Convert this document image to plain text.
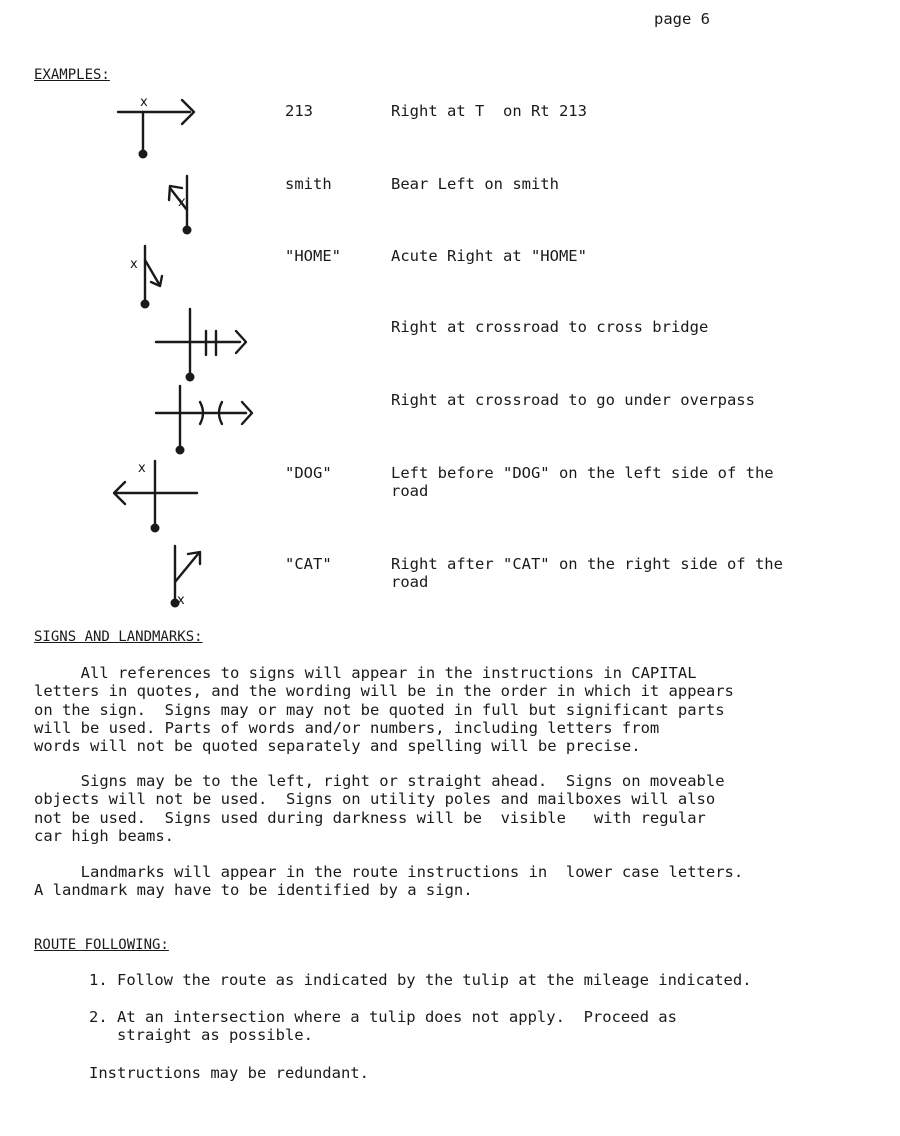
page 6
EXAMPLES:
x	213	Right at T  on Rt 213
x
smith	Bear Left on smith
x	"HOME"	Acute Right at "HOME"
Right at crossroad to cross bridge
Right at crossroad to go under overpass
x	"DOG"	Left before "DOG" on the left side of the
road
x
"CAT"	Right after "CAT" on the right side of the
road
SIGNS AND LANDMARKS:
All references to signs will appear in the instructions in CAPITAL
letters in quotes, and the wording will be in the order in which it appears
on the sign.  Signs may or may not be quoted in full but significant parts
will be used. Parts of words and/or numbers, including letters from
words will not be quoted separately and spelling will be precise.
Signs may be to the left, right or straight ahead.  Signs on moveable
objects will not be used.  Signs on utility poles and mailboxes will also
not be used.  Signs used during darkness will be  visible   with regular
car high beams.
Landmarks will appear in the route instructions in  lower case letters.
A landmark may have to be identified by a sign.
ROUTE FOLLOWING:
1. Follow the route as indicated by the tulip at the mileage indicated.
2. At an intersection where a tulip does not apply.  Proceed as
straight as possible.
Instructions may be redundant.
